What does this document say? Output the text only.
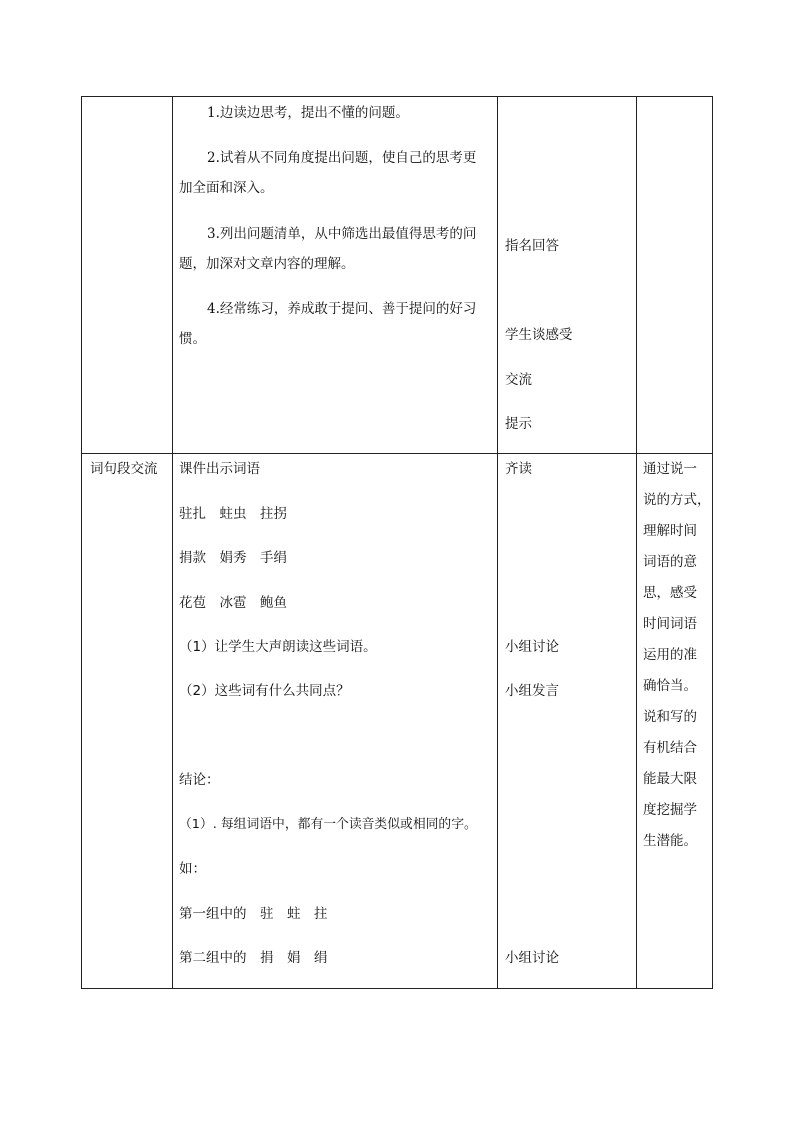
1.边读边思考，提出不懂的问题。
2.试着从不同角度提出问题，使自己的思考更
加全面和深入。
3.列出问题清单，从中筛选出最值得思考的问
题，加深对文章内容的理解。
4.经常练习，养成敢于提问、善于提问的好习
惯。
指名回答
学生谈感受
交流
提示
词句段交流 课件出示词语
驻扎　蛀虫　拄拐
捐款　娟秀　手绢
花苞　冰雹　鲍鱼
（1）让学生大声朗读这些词语。
（2）这些词有什么共同点？
结论：
（1）. 每组词语中，都有一个读音类似或相同的字。
如：
第一组中的　驻　蛀　拄
第二组中的　捐　娟　绢
齐读
小组讨论
小组发言
小组讨论
通过说一
说的方式，
理解时间
词语的意
思，感受
时间词语
运用的准
确恰当。
说和写的
有机结合
能最大限
度挖掘学
生潜能。
